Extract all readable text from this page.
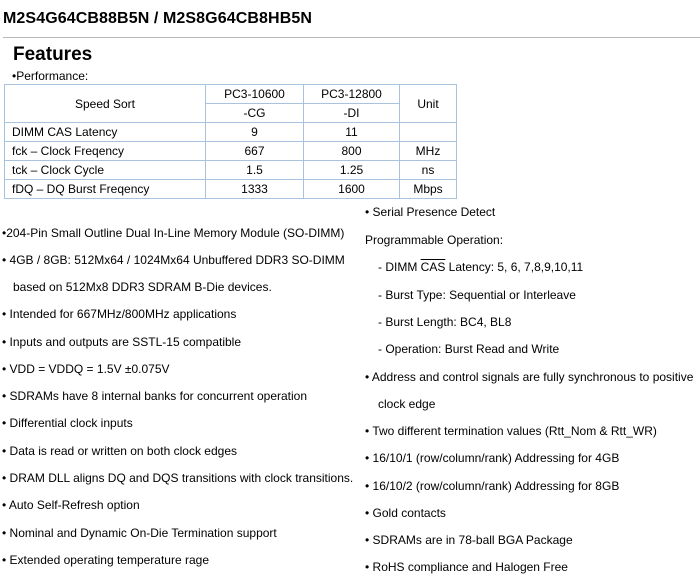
M2S4G64CB88B5N / M2S8G64CB8HB5N
Features
•Performance:
Speed Sort	PC3-10600	PC3-12800	Unit
	-CG	-DI	
DIMM CAS Latency	9	11	
fck – Clock Freqency	667	800	MHz
tck – Clock Cycle	1.5	1.25	ns
fDQ – DQ Burst Freqency	1333	1600	Mbps
•204-Pin Small Outline Dual In-Line Memory Module (SO-DIMM)
• 4GB / 8GB: 512Mx64 / 1024Mx64 Unbuffered DDR3 SO-DIMM
based on 512Mx8 DDR3 SDRAM B-Die devices.
• Intended for 667MHz/800MHz applications
• Inputs and outputs are SSTL-15 compatible
• VDD = VDDQ = 1.5V ±0.075V
• SDRAMs have 8 internal banks for concurrent operation
• Differential clock inputs
• Data is read or written on both clock edges
• DRAM DLL aligns DQ and DQS transitions with clock transitions.
• Auto Self-Refresh option
• Nominal and Dynamic On-Die Termination support
• Extended operating temperature rage
• Serial Presence Detect
Programmable Operation:
- DIMM $\overline{CAS}$ Latency: 5, 6, 7,8,9,10,11
- Burst Type: Sequential or Interleave
- Burst Length: BC4, BL8
- Operation: Burst Read and Write
• Address and control signals are fully synchronous to positive
clock edge
• Two different termination values (Rtt_Nom & Rtt_WR)
• 16/10/1 (row/column/rank) Addressing for 4GB
• 16/10/2 (row/column/rank) Addressing for 8GB
• Gold contacts
• SDRAMs are in 78-ball BGA Package
• RoHS compliance and Halogen Free
